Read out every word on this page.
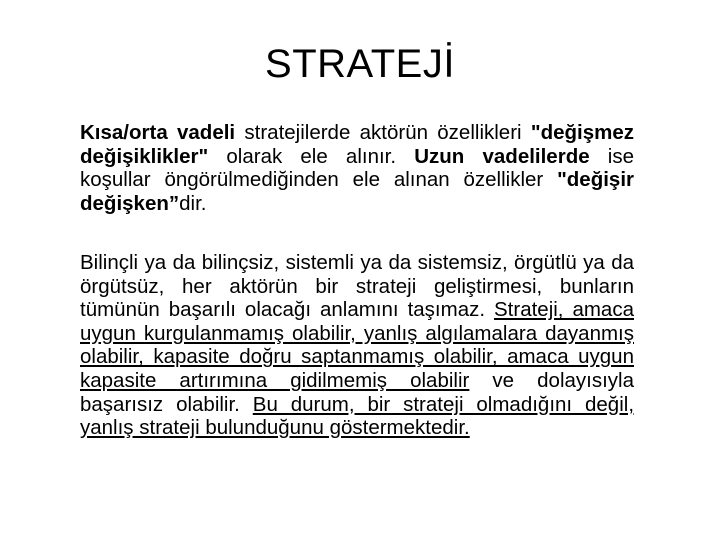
STRATEJİ
Kısa/orta vadeli stratejilerde aktörün özellikleri "değişmez değişiklikler" olarak ele alınır. Uzun vadelilerde ise koşullar öngörülmediğinden ele alınan özellikler "değişir değişken”dir.
Bilinçli ya da bilinçsiz, sistemli ya da sistemsiz, örgütlü ya da örgütsüz, her aktörün bir strateji geliştirmesi, bunların tümünün başarılı olacağı anlamını taşımaz. Strateji, amaca uygun kurgulanmamış olabilir, yanlış algılamalara dayanmış olabilir, kapasite doğru saptanmamış olabilir, amaca uygun kapasite artırımına gidilmemiş olabilir ve dolayısıyla başarısız olabilir. Bu durum, bir strateji olmadığını değil, yanlış strateji bulunduğunu göstermektedir.
